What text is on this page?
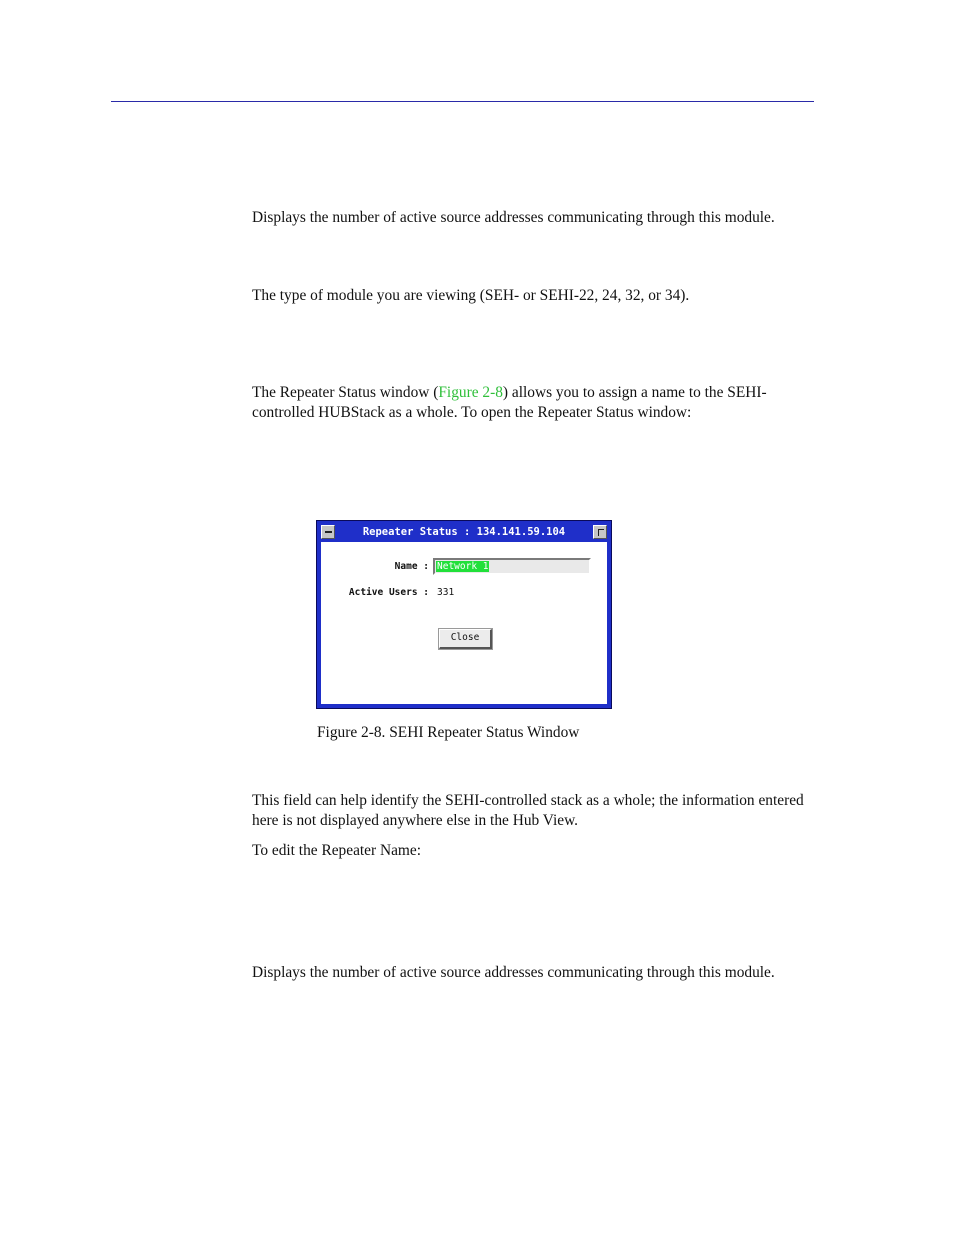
Displays the number of active source addresses communicating through this module.

The type of module you are viewing (SEH- or SEHI-22, 24, 32, or 34).

The Repeater Status window (Figure 2-8) allows you to assign a name to the SEHI-controlled HUBStack as a whole. To open the Repeater Status window:

Repeater Status : 134.141.59.104
Name : Network 1
Active Users : 331
Close

Figure 2-8. SEHI Repeater Status Window

This field can help identify the SEHI-controlled stack as a whole; the information entered here is not displayed anywhere else in the Hub View.

To edit the Repeater Name:

Displays the number of active source addresses communicating through this module.
